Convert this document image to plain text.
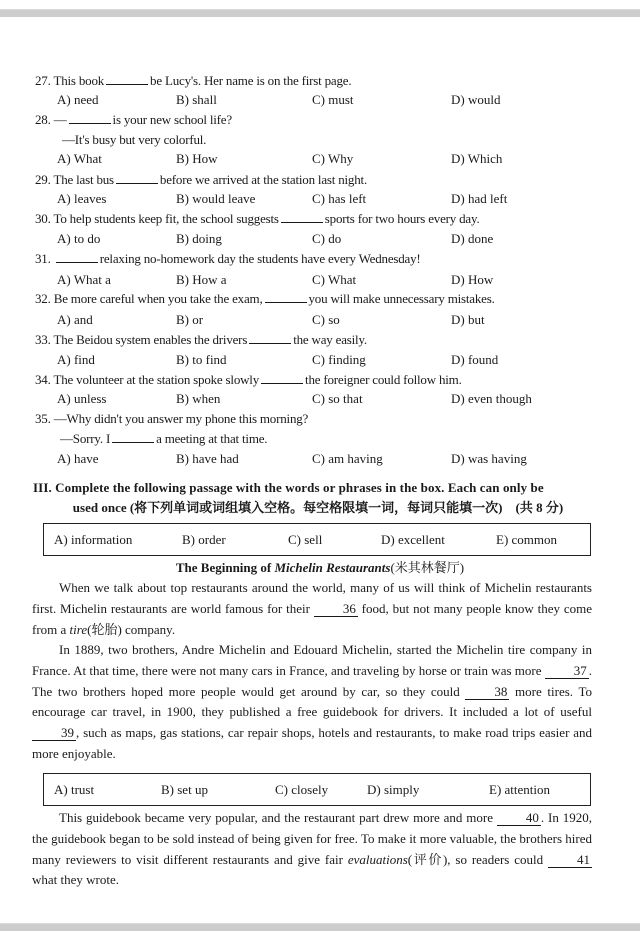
27. This book	be Lucy's. Her name is on the first page.
A) need	B) shall	C) must	D) would
28. —	is your new school life?
—It's busy but very colorful.
A) What	B) How	C) Why	D) Which
29. The last bus	before we arrived at the station last night.
A) leaves	B) would leave	C) has left	D) had left
30. To help students keep fit, the school suggests	sports for two hours every day.
A) to do	B) doing	C) do	D) done
31.	relaxing no-homework day the students have every Wednesday!
A) What a	B) How a	C) What	D) How
32. Be more careful when you take the exam,	you will make unnecessary mistakes.
A) and	B) or	C) so	D) but
33. The Beidou system enables the drivers	the way easily.
A) find	B) to find	C) finding	D) found
34. The volunteer at the station spoke slowly	the foreigner could follow him.
A) unless	B) when	C) so that	D) even though
35. —Why didn't you answer my phone this morning?
—Sorry. I	a meeting at that time.
A) have	B) have had	C) am having	D) was having
III. Complete the following passage with the words or phrases in the box. Each can only be
used once (将下列单词或词组填入空格。每空格限填一词，每词只能填一次)　(共 8 分)
A) information	B) order	C) sell	D) excellent	E) common
The Beginning of Michelin Restaurants(米其林餐厅)

When we talk about top restaurants around the world, many of us will think of Michelin restaurants first. Michelin restaurants are world famous for their 36 food, but not many people know they come from a tire(轮胎) company.

In 1889, two brothers, Andre Michelin and Edouard Michelin, started the Michelin tire company in France. At that time, there were not many cars in France, and traveling by horse or train was more 37 . The two brothers hoped more people would get around by car, so they could 38 more tires. To encourage car travel, in 1900, they published a free guidebook for drivers. It included a lot of useful 39 , such as maps, gas stations, car repair shops, hotels and restaurants, to make road trips easier and more enjoyable.

A) trust	B) set up	C) closely	D) simply	E) attention

This guidebook became very popular, and the restaurant part drew more and more 40 . In 1920, the guidebook began to be sold instead of being given for free. To make it more valuable, the brothers hired many reviewers to visit different restaurants and give fair evaluations(评价), so readers could 41 what they wrote.
